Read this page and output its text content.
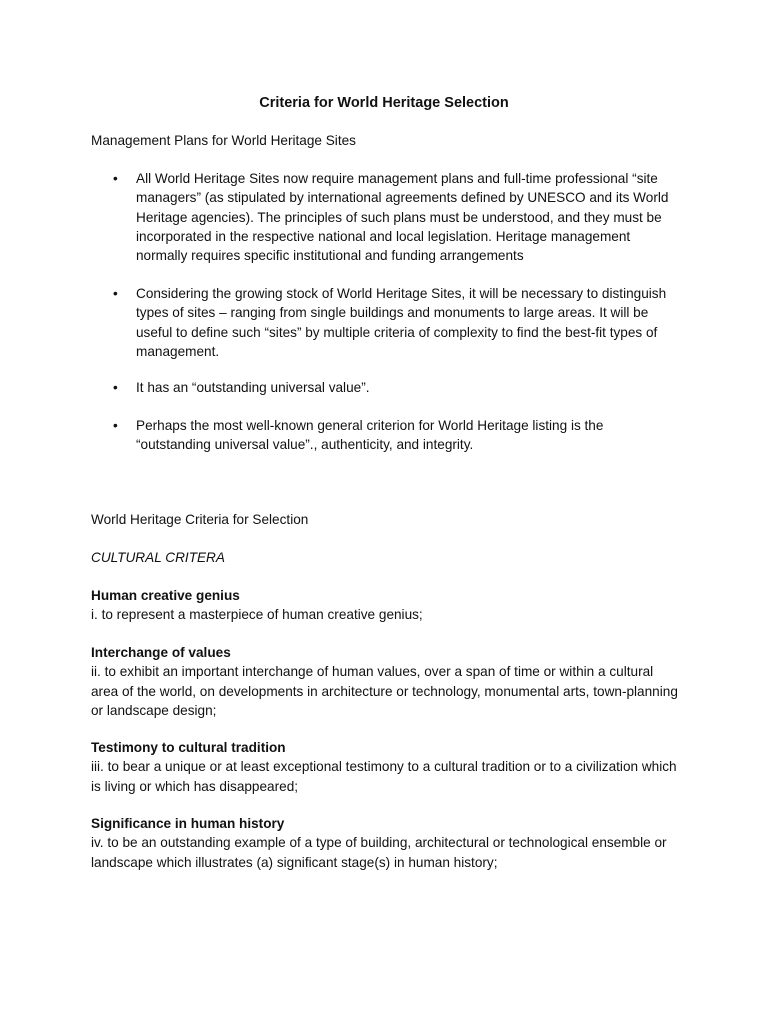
Criteria for World Heritage Selection
Management Plans for World Heritage Sites
•	All World Heritage Sites now require management plans and full-time professional “site managers” (as stipulated by international agreements defined by UNESCO and its World Heritage agencies). The principles of such plans must be understood, and they must be incorporated in the respective national and local legislation. Heritage management normally requires specific institutional and funding arrangements
•	Considering the growing stock of World Heritage Sites, it will be necessary to distinguish types of sites – ranging from single buildings and monuments to large areas. It will be useful to define such “sites” by multiple criteria of complexity to find the best-fit types of management.
•	It has an “outstanding universal value”.
•	Perhaps the most well-known general criterion for World Heritage listing is the “outstanding universal value”., authenticity, and integrity.
World Heritage Criteria for Selection
CULTURAL CRITERA
Human creative genius
i. to represent a masterpiece of human creative genius;
Interchange of values
ii. to exhibit an important interchange of human values, over a span of time or within a cultural area of the world, on developments in architecture or technology, monumental arts, town-planning or landscape design;
Testimony to cultural tradition
iii. to bear a unique or at least exceptional testimony to a cultural tradition or to a civilization which is living or which has disappeared;
Significance in human history
iv. to be an outstanding example of a type of building, architectural or technological ensemble or landscape which illustrates (a) significant stage(s) in human history;
